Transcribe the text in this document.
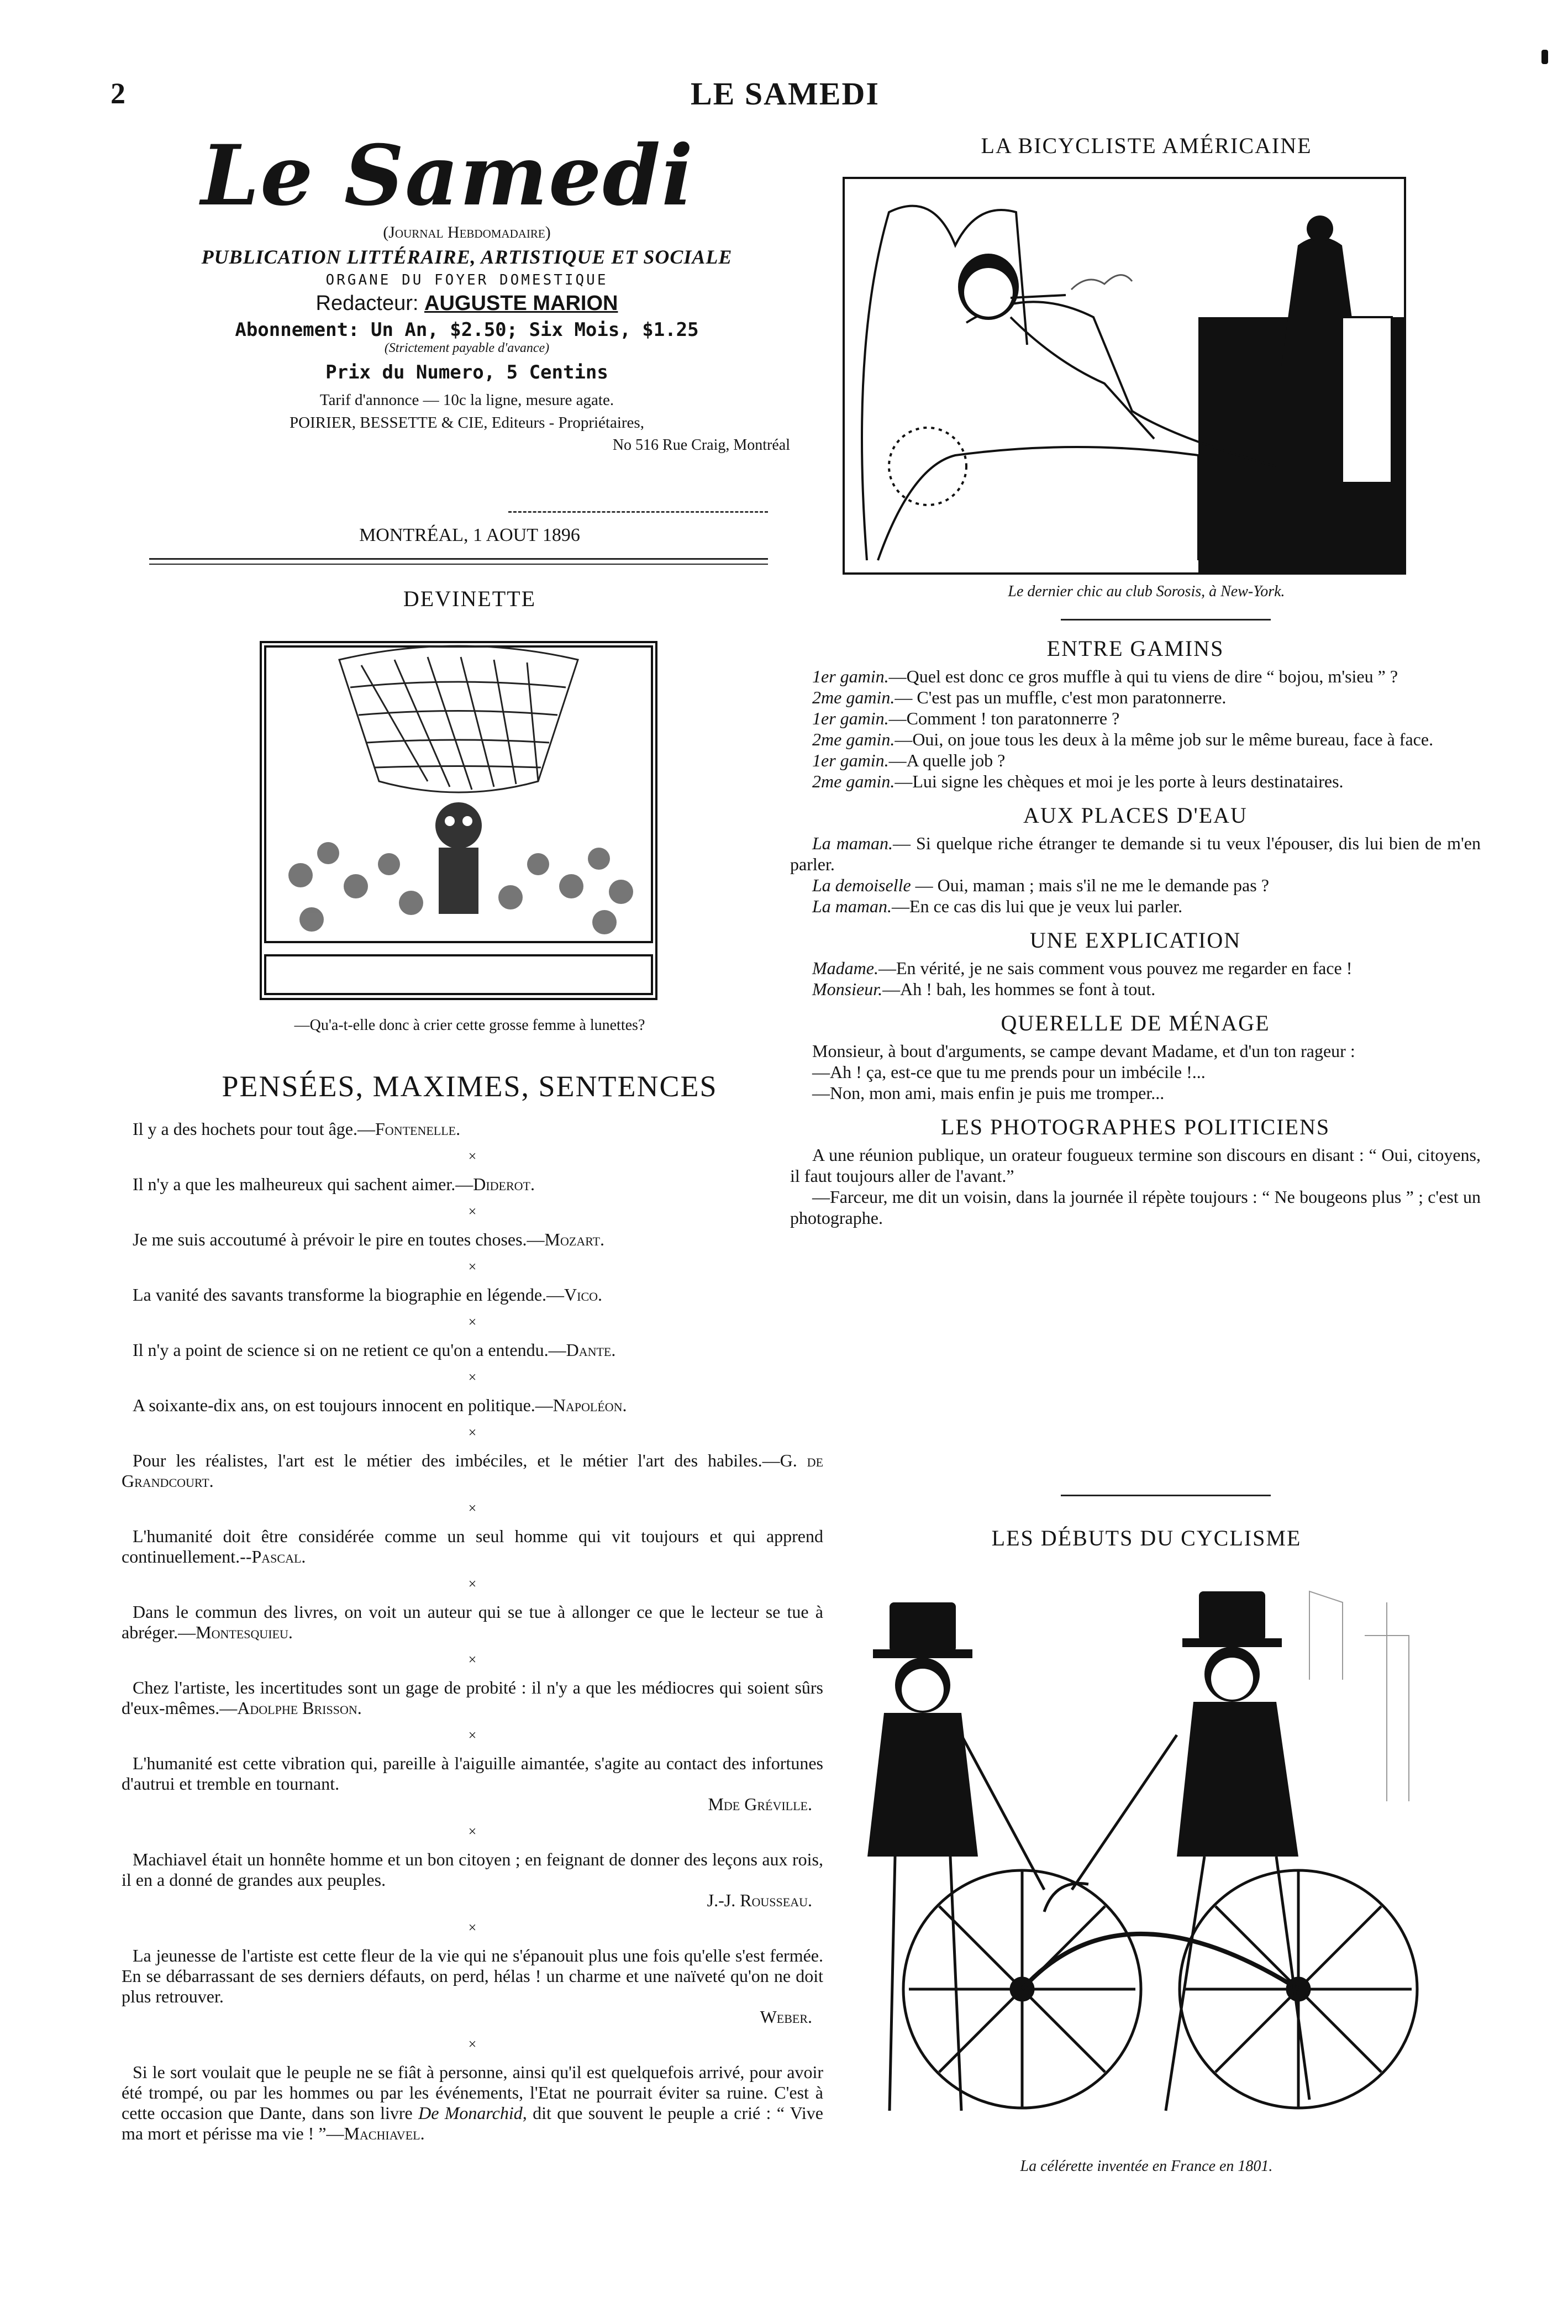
2	LE SAMEDI
Le Samedi
(Journal Hebdomadaire)
PUBLICATION LITTÉRAIRE, ARTISTIQUE ET SOCIALE
ORGANE DU FOYER DOMESTIQUE
Redacteur: AUGUSTE MARION
Abonnement: Un An, $2.50; Six Mois, $1.25
(Strictement payable d'avance)
Prix du Numero, 5 Centins
Tarif d'annonce — 10c la ligne, mesure agate.
POIRIER, BESSETTE & CIE, Editeurs - Propriétaires,
No 516 Rue Craig, Montréal
MONTRÉAL, 1 AOUT 1896
DEVINETTE
—Qu'a-t-elle donc à crier cette grosse femme à lunettes?
PENSÉES, MAXIMES, SENTENCES

Il y a des hochets pour tout âge.—Fontenelle.

×

Il n'y a que les malheureux qui sachent aimer.—Diderot.

×

Je me suis accoutumé à prévoir le pire en toutes choses.—Mozart.

×

La vanité des savants transforme la biographie en légende.—Vico.

×

Il n'y a point de science si on ne retient ce qu'on a entendu.—Dante.

×

A soixante-dix ans, on est toujours innocent en politique.—Napoléon.

×

Pour les réalistes, l'art est le métier des imbéciles, et le métier l'art des habiles.—G. de Grandcourt.

×

L'humanité doit être considérée comme un seul homme qui vit toujours et qui apprend continuellement.--Pascal.

×

Dans le commun des livres, on voit un auteur qui se tue à allonger ce que le lecteur se tue à abréger.—Montesquieu.

×

Chez l'artiste, les incertitudes sont un gage de probité : il n'y a que les médiocres qui soient sûrs d'eux-mêmes.—Adolphe Brisson.

×

L'humanité est cette vibration qui, pareille à l'aiguille aimantée, s'agite au contact des infortunes d'autrui et tremble en tournant.

Mde Gréville.

×

Machiavel était un honnête homme et un bon citoyen ; en feignant de donner des leçons aux rois, il en a donné de grandes aux peuples.

J.-J. Rousseau.

×

La jeunesse de l'artiste est cette fleur de la vie qui ne s'épanouit plus une fois qu'elle s'est fermée. En se débarrassant de ses derniers défauts, on perd, hélas ! un charme et une naïveté qu'on ne doit plus retrouver.

Weber.

×

Si le sort voulait que le peuple ne se fiât à personne, ainsi qu'il est quelquefois arrivé, pour avoir été trompé, ou par les hommes ou par les événements, l'Etat ne pourrait éviter sa ruine. C'est à cette occasion que Dante, dans son livre De Monarchid, dit que souvent le peuple a crié : “ Vive ma mort et périsse ma vie ! ”—Machiavel.

LA BICYCLISTE AMÉRICAINE
Le dernier chic au club Sorosis, à New-York.
ENTRE GAMINS

1er gamin.—Quel est donc ce gros muffle à qui tu viens de dire “ bojou, m'sieu ” ?

2me gamin.— C'est pas un muffle, c'est mon paratonnerre.

1er gamin.—Comment ! ton paratonnerre ?

2me gamin.—Oui, on joue tous les deux à la même job sur le même bureau, face à face.

1er gamin.—A quelle job ?

2me gamin.—Lui signe les chèques et moi je les porte à leurs destinataires.

AUX PLACES D'EAU

La maman.— Si quelque riche étranger te demande si tu veux l'épouser, dis lui bien de m'en parler.

La demoiselle — Oui, maman ; mais s'il ne me le demande pas ?

La maman.—En ce cas dis lui que je veux lui parler.

UNE EXPLICATION

Madame.—En vérité, je ne sais comment vous pouvez me regarder en face !

Monsieur.—Ah ! bah, les hommes se font à tout.

QUERELLE DE MÉNAGE

Monsieur, à bout d'arguments, se campe devant Madame, et d'un ton rageur :

—Ah ! ça, est-ce que tu me prends pour un imbécile !...

—Non, mon ami, mais enfin je puis me tromper...

LES PHOTOGRAPHES POLITICIENS

A une réunion publique, un orateur fougueux termine son discours en disant : “ Oui, citoyens, il faut toujours aller de l'avant.”

—Farceur, me dit un voisin, dans la journée il répète toujours : “ Ne bougeons plus ” ; c'est un photographe.

LES DÉBUTS DU CYCLISME
La célérette inventée en France en 1801.
